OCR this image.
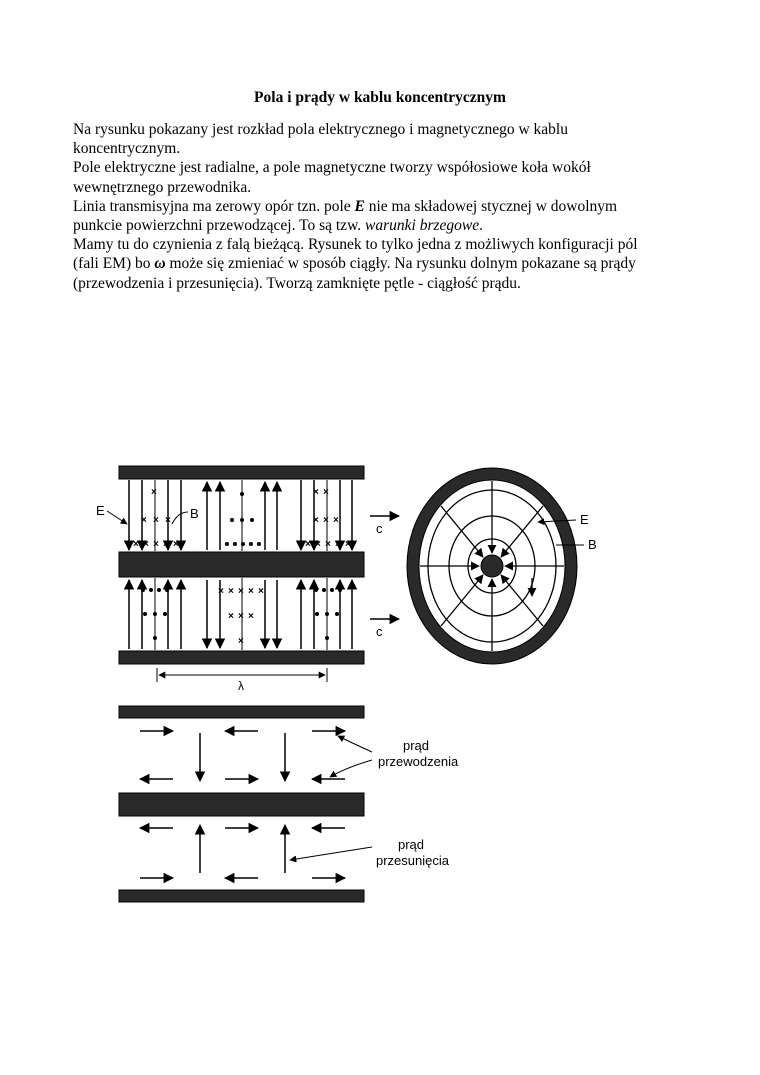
Pola i prądy w kablu koncentrycznym

Na rysunku pokazany jest rozkład pola elektrycznego i magnetycznego w kablu

koncentrycznym.

Pole elektryczne jest radialne, a pole magnetyczne tworzy współosiowe koła wokół

wewnętrznego przewodnika.

Linia transmisyjna ma zerowy opór tzn. pole E nie ma składowej stycznej w dowolnym

punkcie powierzchni przewodzącej. To są tzw. warunki brzegowe.

Mamy tu do czynienia z falą bieżącą. Rysunek to tylko jedna z możliwych konfiguracji pól

(fali EM) bo ω może się zmieniać w sposób ciągły. Na rysunku dolnym pokazane są prądy

(przewodzenia i przesunięcia). Tworzą zamknięte pętle - ciągłość prądu.

×
× × ×
× × × × ×
× ×
× × ×
× × × × ×
× × × × ×
× × ×
×
E	B
λ
c
c
E
B
prąd
przewodzenia
prąd
przesunięcia
